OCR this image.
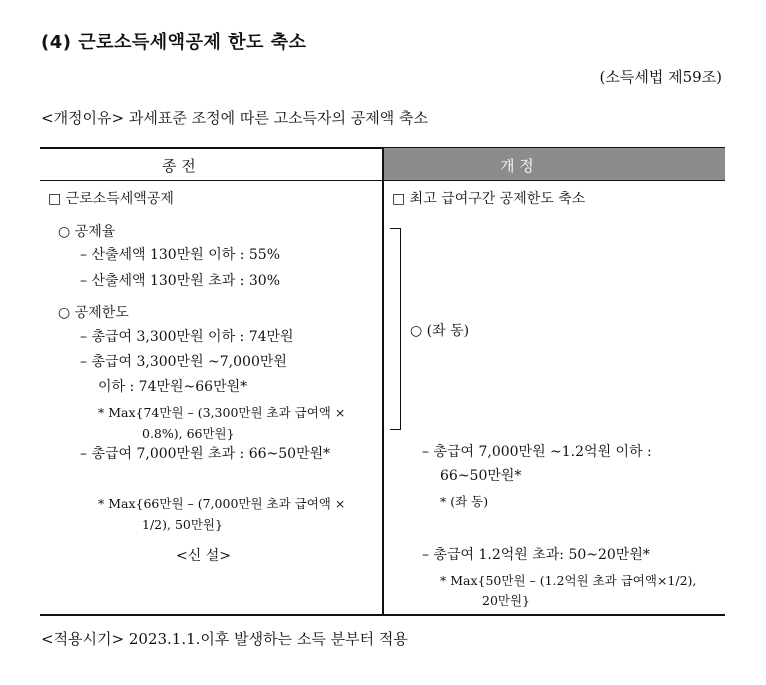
(4) 근로소득세액공제 한도 축소
(소득세법 제59조)
<개정이유> 과세표준 조정에 따른 고소득자의 공제액 축소
종 전	개 정
□ 근로소득세액공제
○ 공제율
– 산출세액 130만원 이하 : 55%
– 산출세액 130만원 초과 : 30%
○ 공제한도
– 총급여 3,300만원 이하 : 74만원
– 총급여 3,300만원 ~7,000만원
이하 : 74만원~66만원*
* Max{74만원 – (3,300만원 초과 급여액 ×
0.8%), 66만원}
– 총급여 7,000만원 초과 : 66~50만원*
* Max{66만원 – (7,000만원 초과 급여액 ×
1/2), 50만원}
<신 설>
□ 최고 급여구간 공제한도 축소
○ (좌 동)
– 총급여 7,000만원 ~1.2억원 이하 :
66~50만원*
* (좌 동)
– 총급여 1.2억원 초과: 50~20만원*
* Max{50만원 – (1.2억원 초과 급여액×1/2),
20만원}
<적용시기> 2023.1.1.이후 발생하는 소득 분부터 적용
